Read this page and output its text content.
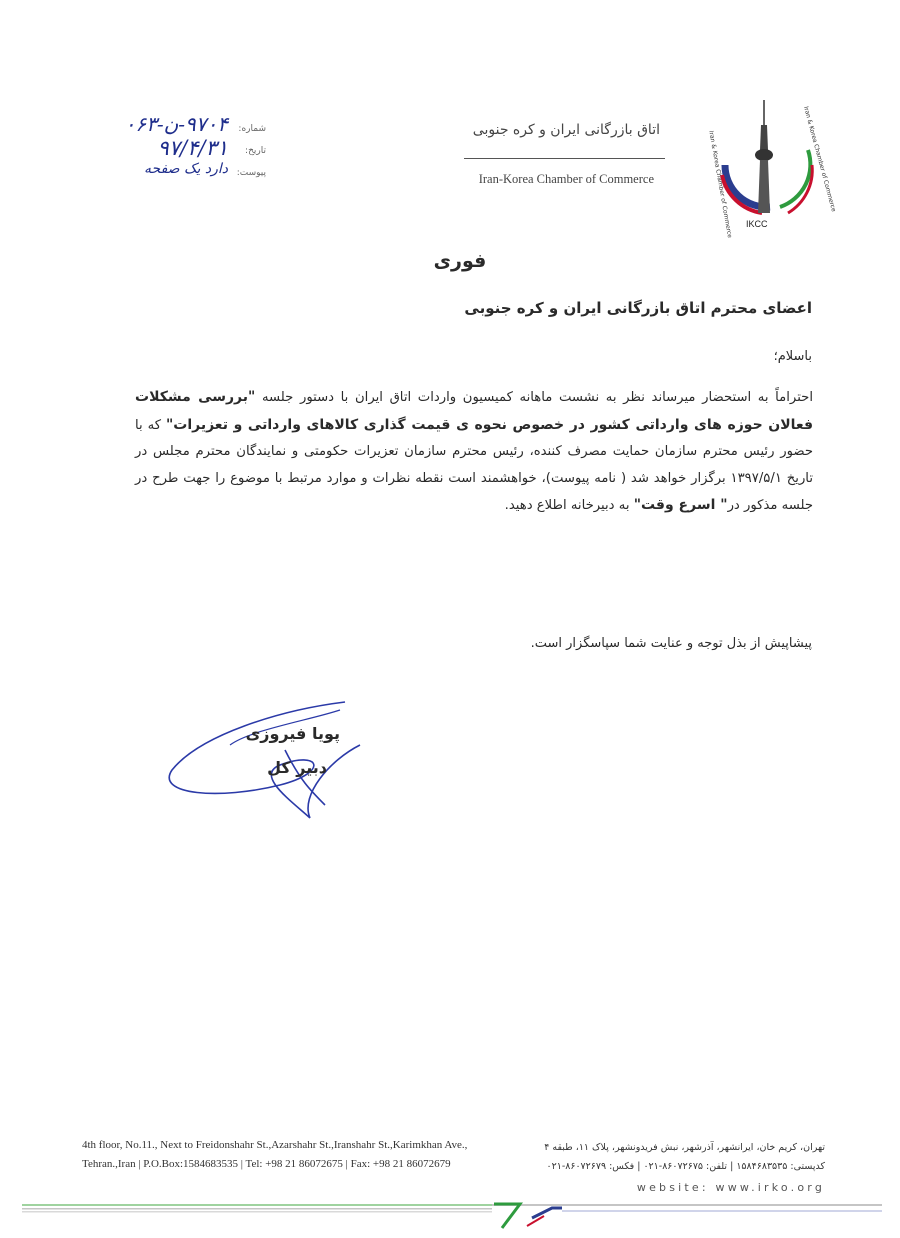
Iran & Korea Chamber of Commerce	Iran & Korea Chamber of Commerce
IKCC
اتاق بازرگانی ایران و کره جنوبی
Iran-Korea Chamber of Commerce
شماره:
تاریخ:
پیوست:
۹۷۰۴-ن-۰۶۳
۹۷/۴/۳۱
دارد یک صفحه
فوری
اعضای محترم اتاق بازرگانی ایران و کره جنوبی
باسلام؛
احتراماً به استحضار میرساند نظر به نشست ماهانه کمیسیون واردات اتاق ایران با دستور جلسه "بررسی مشکلات فعالان حوزه های وارداتی کشور در خصوص نحوه ی قیمت گذاری کالاهای وارداتی و تعزیرات" که با حضور رئیس محترم سازمان حمایت مصرف کننده، رئیس محترم سازمان تعزیرات حکومتی و نمایندگان محترم مجلس در تاریخ ۱۳۹۷/۵/۱ برگزار خواهد شد ( نامه پیوست)، خواهشمند است نقطه نظرات و موارد مرتبط با موضوع را جهت طرح در جلسه مذکور در" اسرع وقت" به دبیرخانه اطلاع دهید.
پیشاپیش از بذل توجه و عنایت شما سپاسگزار است.
پویا فیروزی
دبیر کل
4th floor, No.11., Next to Freidonshahr St.,Azarshahr St.,Iranshahr St.,Karimkhan Ave.,
Tehran.,Iran | P.O.Box:1584683535 | Tel: +98 21 86072675 | Fax: +98 21 86072679
تهران، کریم خان، ایرانشهر، آذرشهر، نبش فریدونشهر، پلاک ۱۱، طبقه ۴
کدپستی: ۱۵۸۴۶۸۳۵۳۵ | تلفن: ۸۶۰۷۲۶۷۵-۰۲۱ | فکس: ۸۶۰۷۲۶۷۹-۰۲۱
website: www.irko.org
